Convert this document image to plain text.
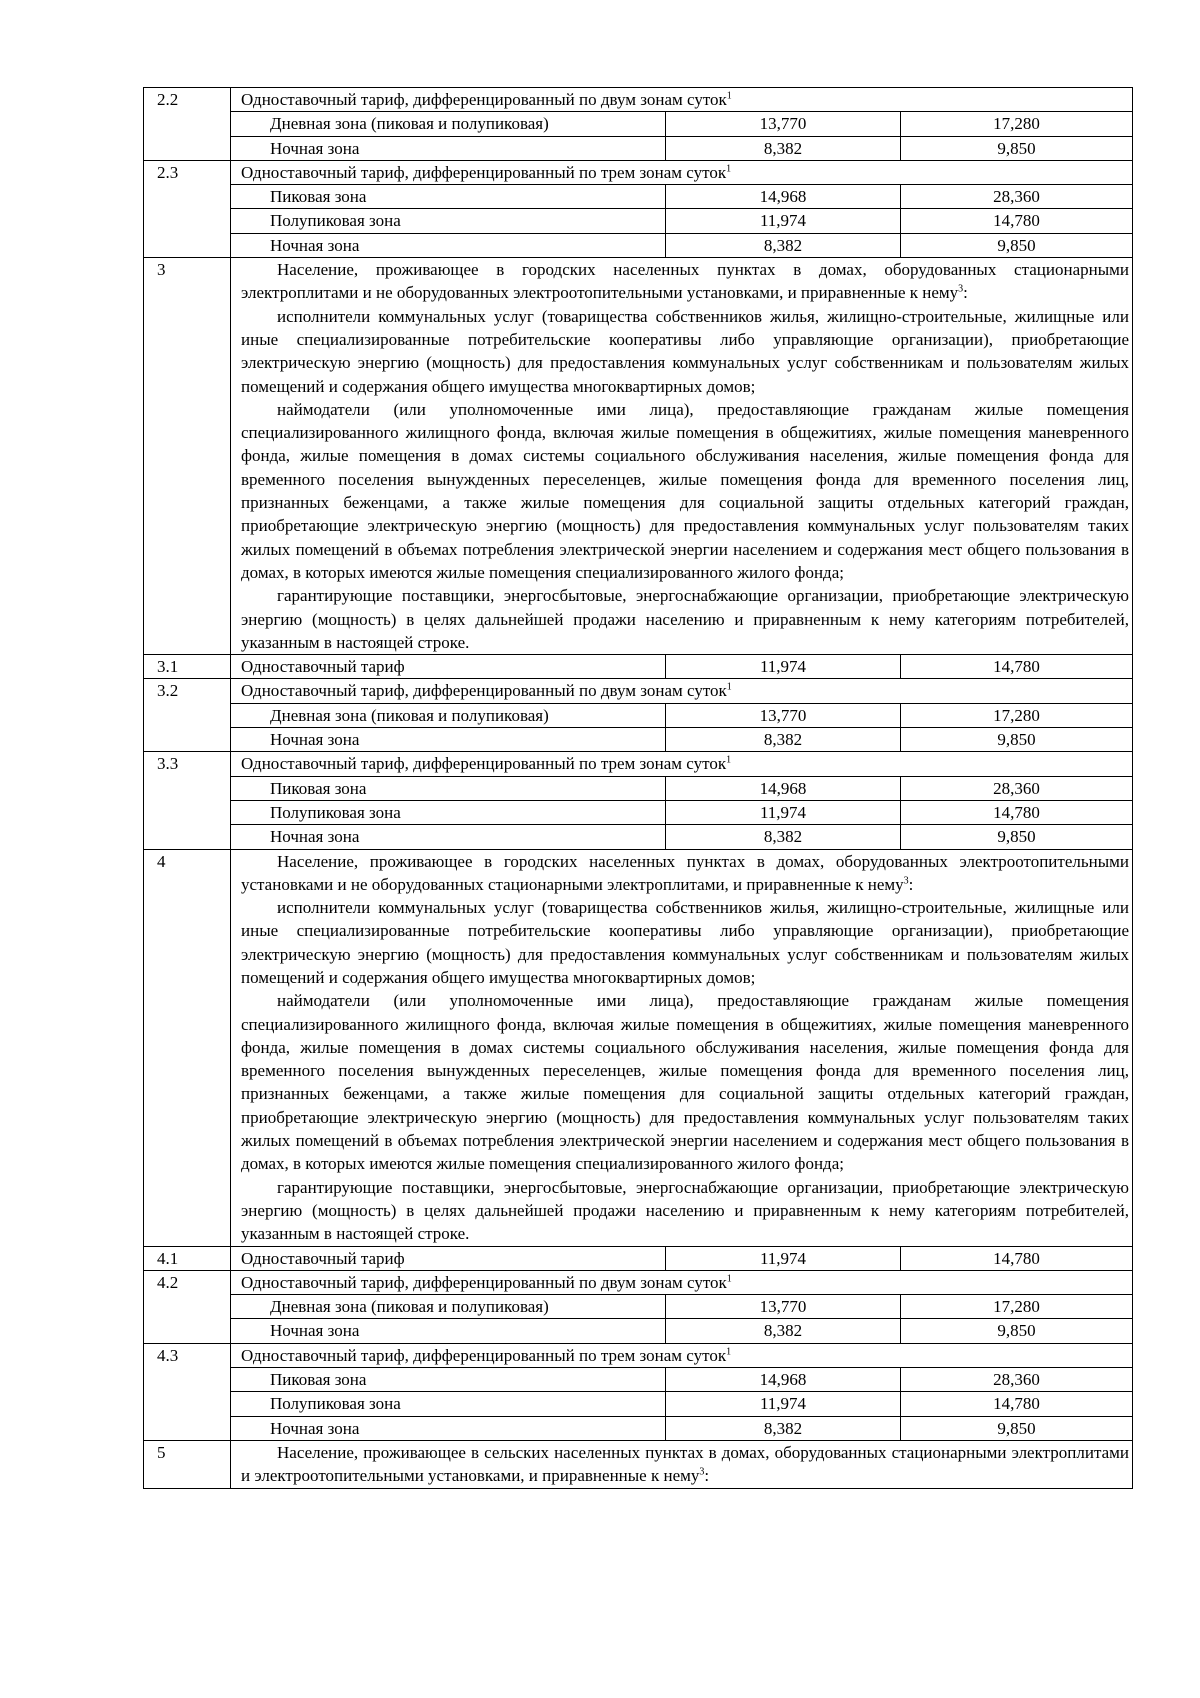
2.2	Одноставочный тариф, дифференцированный по двум зонам суток$^1$
	Дневная зона (пиковая и полупиковая)	13,770	17,280
	Ночная зона	8,382	9,850
2.3	Одноставочный тариф, дифференцированный по трем зонам суток$^1$
	Пиковая зона	14,968	28,360
	Полупиковая зона	11,974	14,780
	Ночная зона	8,382	9,850
3	Население, проживающее в городских населенных пунктах в домах, оборудованных стационарными электроплитами и не оборудованных электроотопительными установками, и приравненные к нему$^3$:

исполнители коммунальных услуг (товарищества собственников жилья, жилищно-строительные, жилищные или иные специализированные потребительские кооперативы либо управляющие организации), приобретающие электрическую энергию (мощность) для предоставления коммунальных услуг собственникам и пользователям жилых помещений и содержания общего имущества многоквартирных домов;

наймодатели (или уполномоченные ими лица), предоставляющие гражданам жилые помещения специализированного жилищного фонда, включая жилые помещения в общежитиях, жилые помещения маневренного фонда, жилые помещения в домах системы социального обслуживания населения, жилые помещения фонда для временного поселения вынужденных переселенцев, жилые помещения фонда для временного поселения лиц, признанных беженцами, а также жилые помещения для социальной защиты отдельных категорий граждан, приобретающие электрическую энергию (мощность) для предоставления коммунальных услуг пользователям таких жилых помещений в объемах потребления электрической энергии населением и содержания мест общего пользования в домах, в которых имеются жилые помещения специализированного жилого фонда;

гарантирующие поставщики, энергосбытовые, энергоснабжающие организации, приобретающие электрическую энергию (мощность) в целях дальнейшей продажи населению и приравненным к нему категориям потребителей, указанным в настоящей строке.		

3.1	Одноставочный тариф	11,974	14,780
3.2	Одноставочный тариф, дифференцированный по двум зонам суток$^1$
	Дневная зона (пиковая и полупиковая)	13,770	17,280
	Ночная зона	8,382	9,850
3.3	Одноставочный тариф, дифференцированный по трем зонам суток$^1$
	Пиковая зона	14,968	28,360
	Полупиковая зона	11,974	14,780
	Ночная зона	8,382	9,850
4	Население, проживающее в городских населенных пунктах в домах, оборудованных электроотопительными установками и не оборудованных стационарными электроплитами, и приравненные к нему$^3$:

исполнители коммунальных услуг (товарищества собственников жилья, жилищно-строительные, жилищные или иные специализированные потребительские кооперативы либо управляющие организации), приобретающие электрическую энергию (мощность) для предоставления коммунальных услуг собственникам и пользователям жилых помещений и содержания общего имущества многоквартирных домов;

наймодатели (или уполномоченные ими лица), предоставляющие гражданам жилые помещения специализированного жилищного фонда, включая жилые помещения в общежитиях, жилые помещения маневренного фонда, жилые помещения в домах системы социального обслуживания населения, жилые помещения фонда для временного поселения вынужденных переселенцев, жилые помещения фонда для временного поселения лиц, признанных беженцами, а также жилые помещения для социальной защиты отдельных категорий граждан, приобретающие электрическую энергию (мощность) для предоставления коммунальных услуг пользователям таких жилых помещений в объемах потребления электрической энергии населением и содержания мест общего пользования в домах, в которых имеются жилые помещения специализированного жилого фонда;

гарантирующие поставщики, энергосбытовые, энергоснабжающие организации, приобретающие электрическую энергию (мощность) в целях дальнейшей продажи населению и приравненным к нему категориям потребителей, указанным в настоящей строке.		

4.1	Одноставочный тариф	11,974	14,780
4.2	Одноставочный тариф, дифференцированный по двум зонам суток$^1$
	Дневная зона (пиковая и полупиковая)	13,770	17,280
	Ночная зона	8,382	9,850
4.3	Одноставочный тариф, дифференцированный по трем зонам суток$^1$
	Пиковая зона	14,968	28,360
	Полупиковая зона	11,974	14,780
	Ночная зона	8,382	9,850
5	Население, проживающее в сельских населенных пунктах в домах, оборудованных стационарными электроплитами и электроотопительными установками, и приравненные к нему$^3$:		
